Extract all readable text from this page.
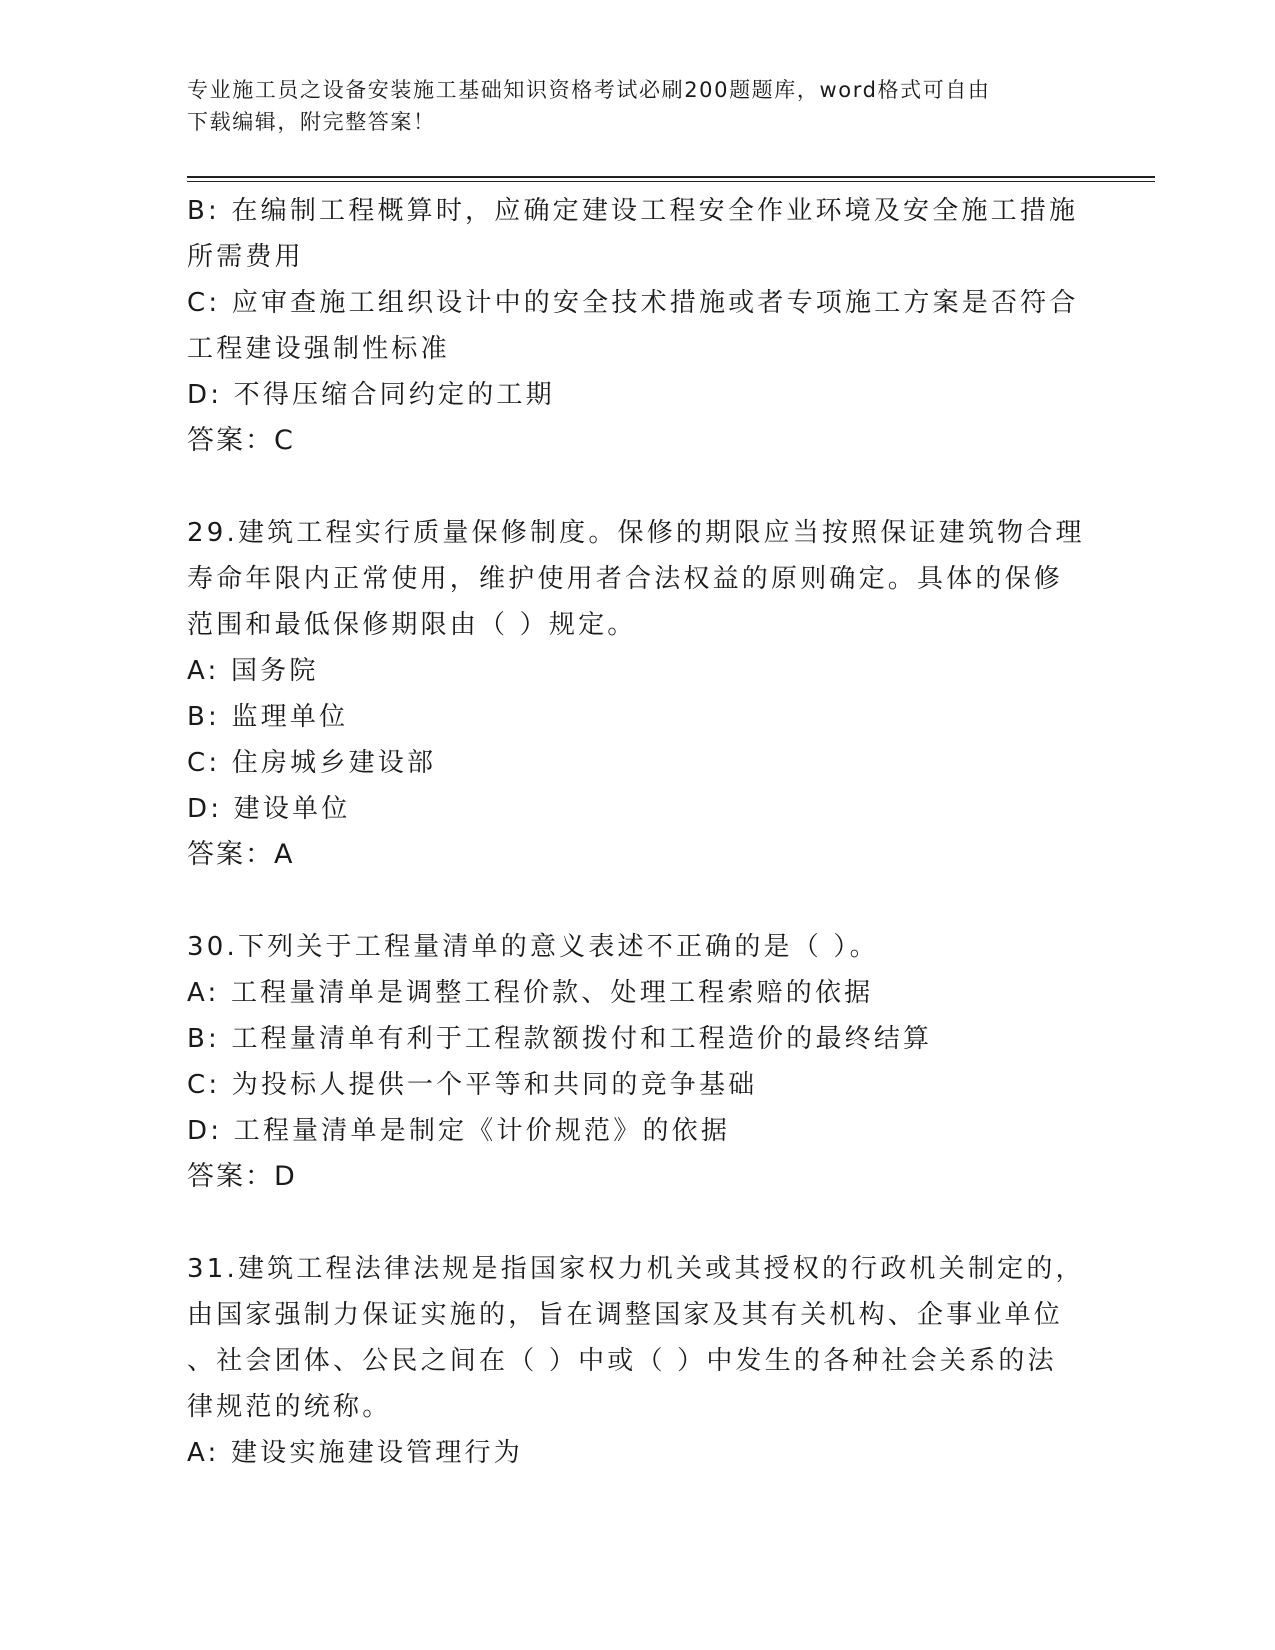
专业施工员之设备安装施工基础知识资格考试必刷200题题库，word格式可自由
下载编辑，附完整答案！

B: 在编制工程概算时，应确定建设工程安全作业环境及安全施工措施

所需费用

C: 应审查施工组织设计中的安全技术措施或者专项施工方案是否符合

工程建设强制性标准

D: 不得压缩合同约定的工期

答案：C

29.建筑工程实行质量保修制度。保修的期限应当按照保证建筑物合理

寿命年限内正常使用，维护使用者合法权益的原则确定。具体的保修

范围和最低保修期限由（ ）规定。

A: 国务院

B: 监理单位

C: 住房城乡建设部

D: 建设单位

答案：A

30.下列关于工程量清单的意义表述不正确的是（ ）。

A: 工程量清单是调整工程价款、处理工程索赔的依据

B: 工程量清单有利于工程款额拨付和工程造价的最终结算

C: 为投标人提供一个平等和共同的竞争基础

D: 工程量清单是制定《计价规范》的依据

答案：D

31.建筑工程法律法规是指国家权力机关或其授权的行政机关制定的，

由国家强制力保证实施的，旨在调整国家及其有关机构、企事业单位

、社会团体、公民之间在（ ）中或（ ）中发生的各种社会关系的法

律规范的统称。

A: 建设实施建设管理行为
